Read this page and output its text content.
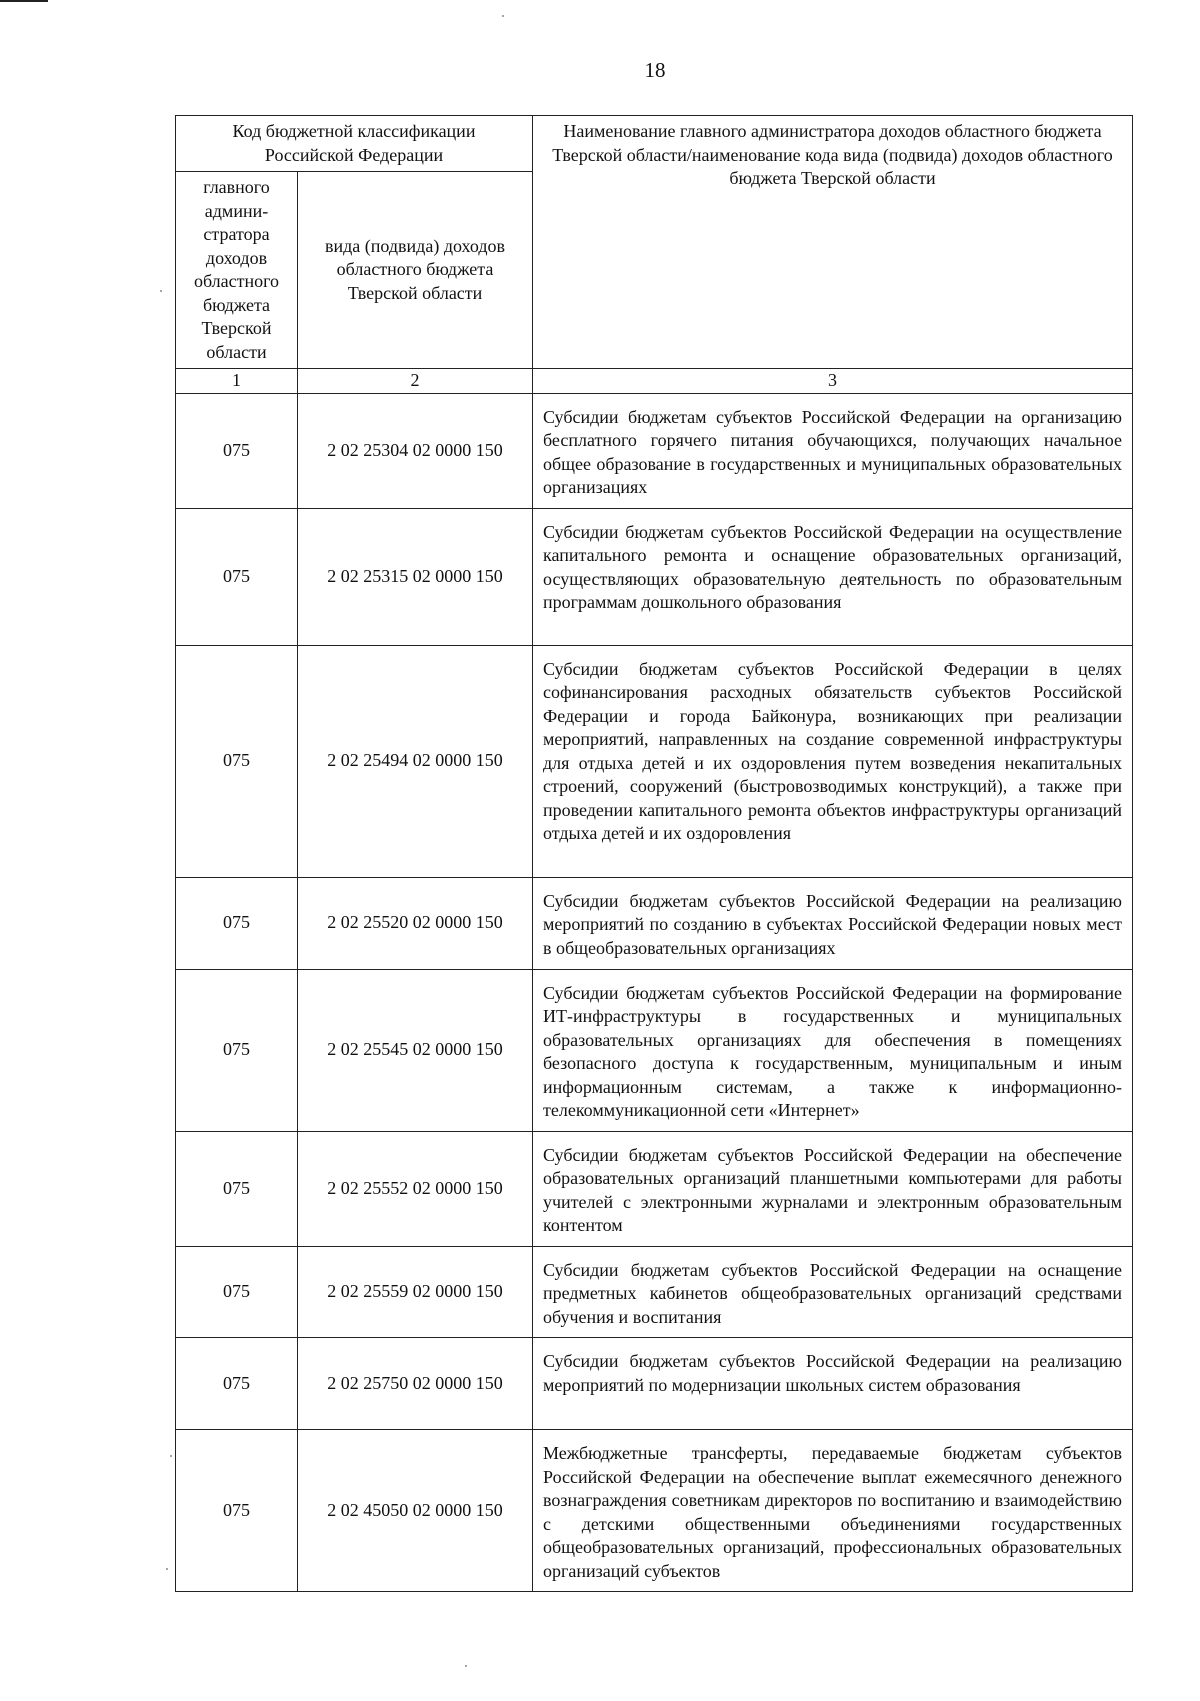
18
Код бюджетной классификации Российской Федерации		Наименование главного администратора доходов областного бюджета Тверской области/наименование кода вида (подвида) доходов областного бюджета Тверской области
главного админи-стратора доходов областного бюджета Тверской области	вида (подвида) доходов областного бюджета Тверской области	
1	2	3
075	2 02 25304 02 0000 150	Субсидии бюджетам субъектов Российской Федерации на организацию бесплатного горячего питания обучающихся, получающих начальное общее образование в государственных и муниципальных образовательных организациях
075	2 02 25315 02 0000 150	Субсидии бюджетам субъектов Российской Федерации на осуществление капитального ремонта и оснащение образовательных организаций, осуществляющих образовательную деятельность по образовательным программам дошкольного образования
075	2 02 25494 02 0000 150	Субсидии бюджетам субъектов Российской Федерации в целях софинансирования расходных обязательств субъектов Российской Федерации и города Байконура, возникающих при реализации мероприятий, направленных на создание современной инфраструктуры для отдыха детей и их оздоровления путем возведения некапитальных строений, сооружений (быстровозводимых конструкций), а также при проведении капитального ремонта объектов инфраструктуры организаций отдыха детей и их оздоровления
075	2 02 25520 02 0000 150	Субсидии бюджетам субъектов Российской Федерации на реализацию мероприятий по созданию в субъектах Российской Федерации новых мест в общеобразовательных организациях
075	2 02 25545 02 0000 150	Субсидии бюджетам субъектов Российской Федерации на формирование ИТ-инфраструктуры в государственных и муниципальных образовательных организациях для обеспечения в помещениях безопасного доступа к государственным, муниципальным и иным информационным системам, а также к информационно-телекоммуникационной сети «Интернет»
075	2 02 25552 02 0000 150	Субсидии бюджетам субъектов Российской Федерации на обеспечение образовательных организаций планшетными компьютерами для работы учителей с электронными журналами и электронным образовательным контентом
075	2 02 25559 02 0000 150	Субсидии бюджетам субъектов Российской Федерации на оснащение предметных кабинетов общеобразовательных организаций средствами обучения и воспитания
075	2 02 25750 02 0000 150	Субсидии бюджетам субъектов Российской Федерации на реализацию мероприятий по модернизации школьных систем образования
075	2 02 45050 02 0000 150	Межбюджетные трансферты, передаваемые бюджетам субъектов Российской Федерации на обеспечение выплат ежемесячного денежного вознаграждения советникам директоров по воспитанию и взаимодействию с детскими общественными объединениями государственных общеобразовательных организаций, профессиональных образовательных организаций субъектов
